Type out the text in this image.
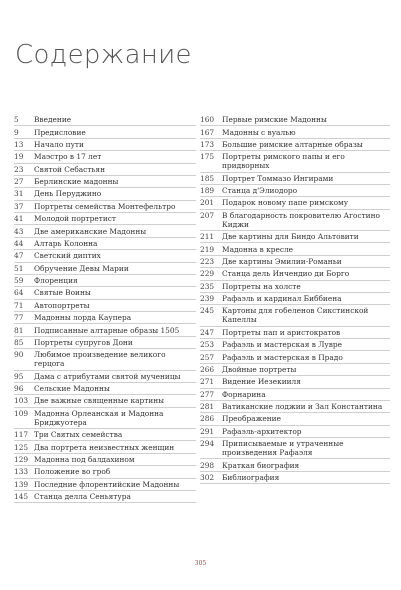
Содержание
5	Введение
9	Предисловие
13	Начало пути
19	Маэстро в 17 лет
23	Святой Себастьян
27	Берлинские мадонны
31	День Перуджино
37	Портреты семейства Монтефельтро
41	Молодой портретист
43	Две американские Мадонны
44	Алтарь Колонна
47	Светский диптих
51	Обручение Девы Марии
59	Флоренция
64	Святые Воины
71	Автопортреты
77	Мадонны лорда Каупера
81	Подписанные алтарные образы 1505
85	Портреты супругов Дони
90	Любимое произведение великого герцога
95	Дама с атрибутами святой мученицы
96	Сельские Мадонны
103 Две важные священные картины
109 Мадонна Орлеанская и Мадонна Бриджуотера
117 Три Святых семейства
125 Два портрета неизвестных женщин
129 Мадонна под балдахином
133 Положение во гроб
139 Последние флорентийские Мадонны
145 Станца делла Сеньятура
160	Первые римские Мадонны
167	Мадонны с вуалью
173	Большие римские алтарные образы
175	Портреты римского папы и его придворных
185	Портрет Томмазо Ингирами
189	Станца д'Элиодоро
201	Подарок новому папе римскому
207	В благодарность покровителю Агостино Киджи
211	Две картины для Биндо Альтовити
219	Мадонна в кресле
223	Две картины Эмилии-Романьи
229	Станца дель Инчендио ди Борго
235	Портреты на холсте
239	Рафаэль и кардинал Биббиена
245	Картоны для гобеленов Сикстинской Капеллы
247	Портреты пап и аристократов
253	Рафаэль и мастерская в Лувре
257	Рафаэль и мастерская в Прадо
266	Двойные портреты
271	Видение Иезекииля
277	Форнарина
281	Ватиканские лоджии и Зал Константина
286	Преображение
291	Рафаэль-архитектор
294	Приписываемые и утраченные произведения Рафаэля
298	Краткая биография
302	Библиография
305
